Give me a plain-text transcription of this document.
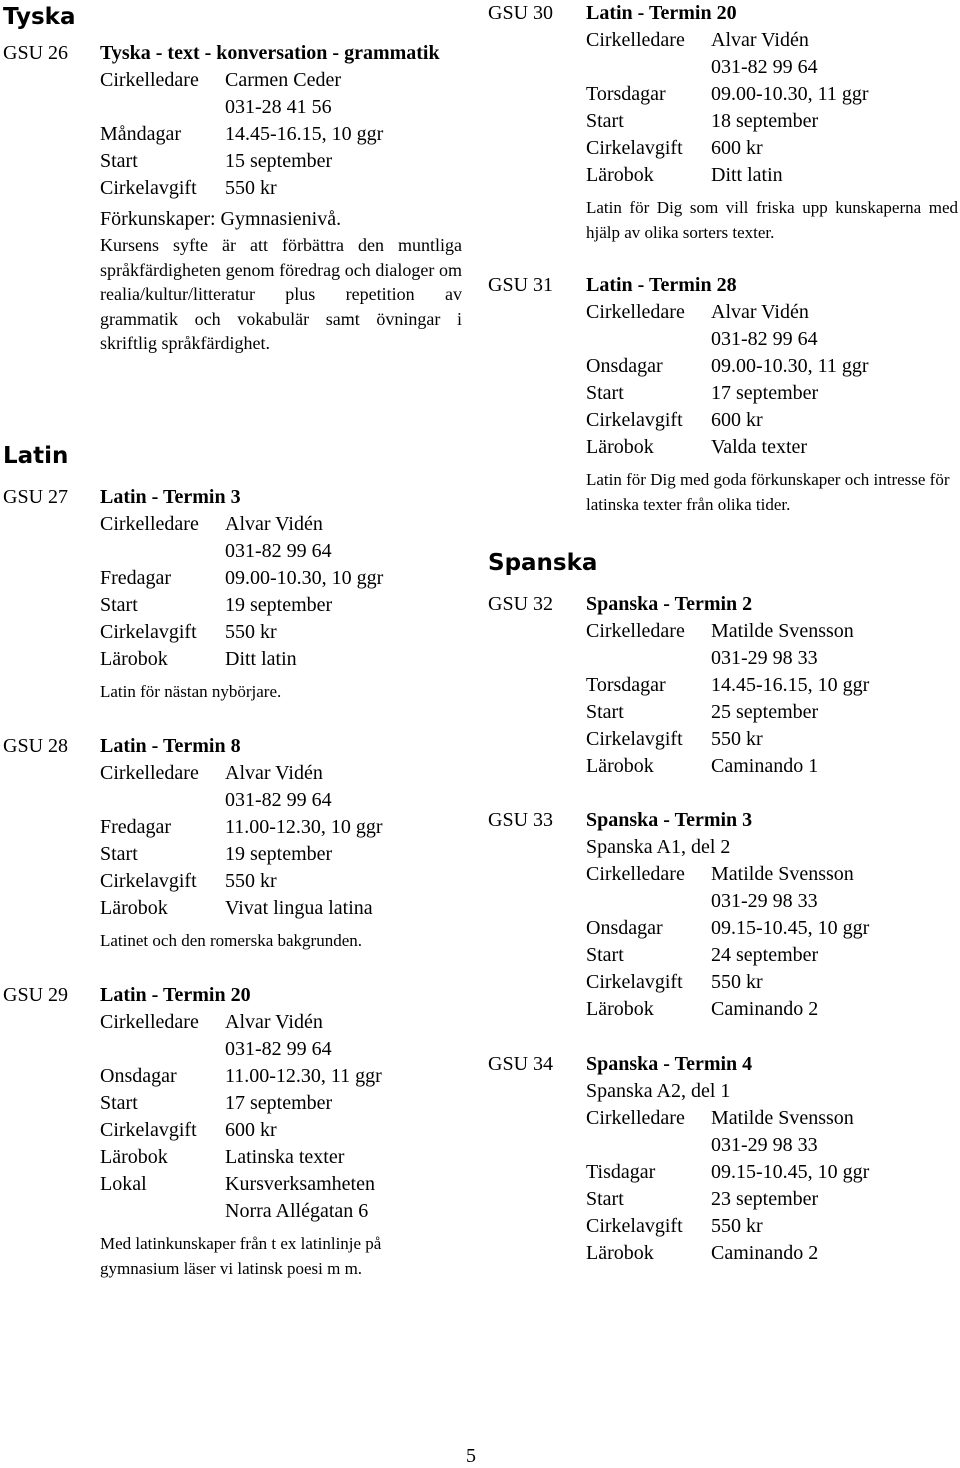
Tyska
Latin
Spanska
GSU 26 Tyska - text - konversation - grammatik
Cirkelledare	Carmen Ceder
031-28 41 56
Måndagar	14.45-16.15, 10 ggr
Start	15 september
Cirkelavgift	550 kr
Förkunskaper: Gymnasienivå.
Kursens syfte är att förbättra den muntliga språkfärdigheten genom föredrag och dialoger om realia/kultur/litteratur plus repetition av grammatik och vokabulär samt övningar i skriftlig språkfärdighet.
GSU 27 Latin - Termin 3
Cirkelledare	Alvar Vidén
031-82 99 64
Fredagar	09.00-10.30, 10 ggr
Start	19 september
Cirkelavgift	550 kr
Lärobok	Ditt latin
Latin för nästan nybörjare.
GSU 28 Latin - Termin 8
Cirkelledare	Alvar Vidén
031-82 99 64
Fredagar	11.00-12.30, 10 ggr
Start	19 september
Cirkelavgift	550 kr
Lärobok	Vivat lingua latina
Latinet och den romerska bakgrunden.
GSU 29 Latin - Termin 20
Cirkelledare	Alvar Vidén
031-82 99 64
Onsdagar	11.00-12.30, 11 ggr
Start	17 september
Cirkelavgift	600 kr
Lärobok	Latinska texter
Lokal	Kursverksamheten
Norra Allégatan 6
Med latinkunskaper från t ex latinlinje på gymnasium läser vi latinsk poesi m m.
GSU 30 Latin - Termin 20
Cirkelledare	Alvar Vidén
031-82 99 64
Torsdagar	09.00-10.30, 11 ggr
Start	18 september
Cirkelavgift	600 kr
Lärobok	Ditt latin
Latin för Dig som vill friska upp kunskaperna med hjälp av olika sorters texter.
GSU 31 Latin - Termin 28
Cirkelledare	Alvar Vidén
031-82 99 64
Onsdagar	09.00-10.30, 11 ggr
Start	17 september
Cirkelavgift	600 kr
Lärobok	Valda texter
Latin för Dig med goda förkunskaper och intresse för latinska texter från olika tider.
GSU 32 Spanska - Termin 2
Cirkelledare	Matilde Svensson
031-29 98 33
Torsdagar	14.45-16.15, 10 ggr
Start	25 september
Cirkelavgift	550 kr
Lärobok	Caminando 1
GSU 33 Spanska - Termin 3
Spanska A1, del 2
Cirkelledare	Matilde Svensson
031-29 98 33
Onsdagar	09.15-10.45, 10 ggr
Start	24 september
Cirkelavgift	550 kr
Lärobok	Caminando 2
GSU 34 Spanska - Termin 4
Spanska A2, del 1
Cirkelledare	Matilde Svensson
031-29 98 33
Tisdagar	09.15-10.45, 10 ggr
Start	23 september
Cirkelavgift	550 kr
Lärobok	Caminando 2
5
